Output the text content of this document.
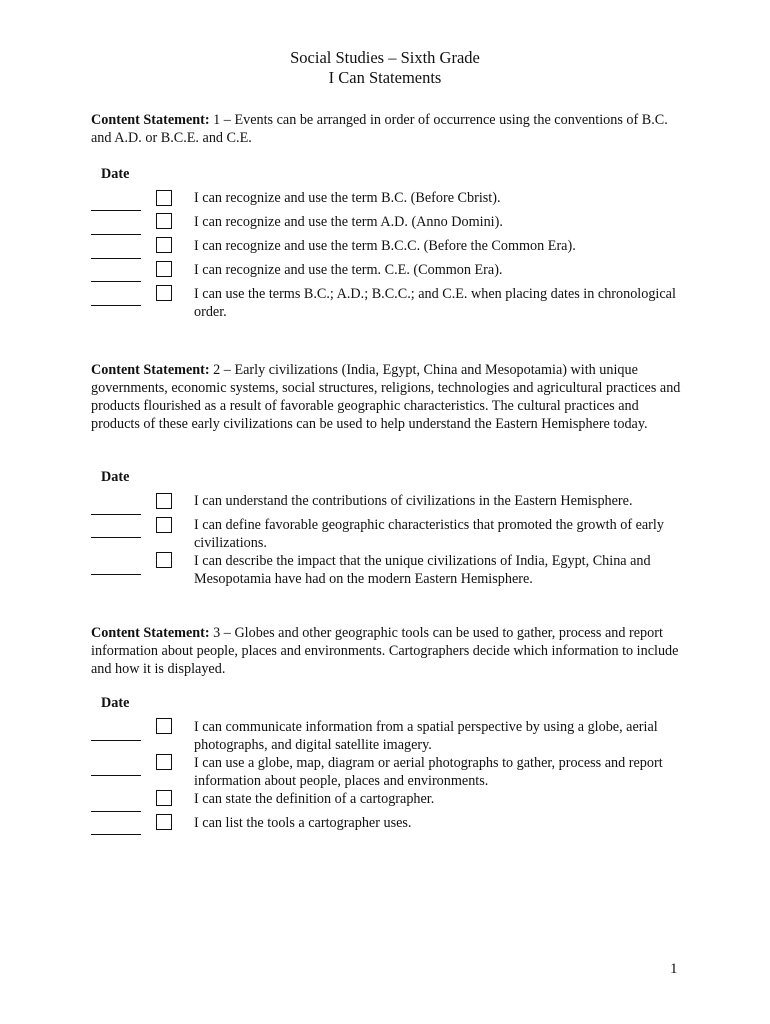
Social Studies – Sixth Grade
I Can Statements
Content Statement: 1 – Events can be arranged in order of occurrence using the conventions of B.C. and A.D. or B.C.E. and C.E.
Date
I can recognize and use the term B.C. (Before Cbrist).
I can recognize and use the term A.D. (Anno Domini).
I can recognize and use the term B.C.C. (Before the Common Era).
I can recognize and use the term. C.E. (Common Era).
I can use the terms B.C.; A.D.; B.C.C.; and C.E. when placing dates in chronological order.
Content Statement: 2 – Early civilizations (India, Egypt, China and Mesopotamia) with unique governments, economic systems, social structures, religions, technologies and agricultural practices and products flourished as a result of favorable geographic characteristics. The cultural practices and products of these early civilizations can be used to help understand the Eastern Hemisphere today.
Date
I can understand the contributions of civilizations in the Eastern Hemisphere.
I can define favorable geographic characteristics that promoted the growth of early civilizations.
I can describe the impact that the unique civilizations of India, Egypt, China and Mesopotamia have had on the modern Eastern Hemisphere.
Content Statement: 3 – Globes and other geographic tools can be used to gather, process and report information about people, places and environments. Cartographers decide which information to include and how it is displayed.
Date
I can communicate information from a spatial perspective by using a globe, aerial photographs, and digital satellite imagery.
I can use a globe, map, diagram or aerial photographs to gather, process and report information about people, places and environments.
I can state the definition of a cartographer.
I can list the tools a cartographer uses.
1
